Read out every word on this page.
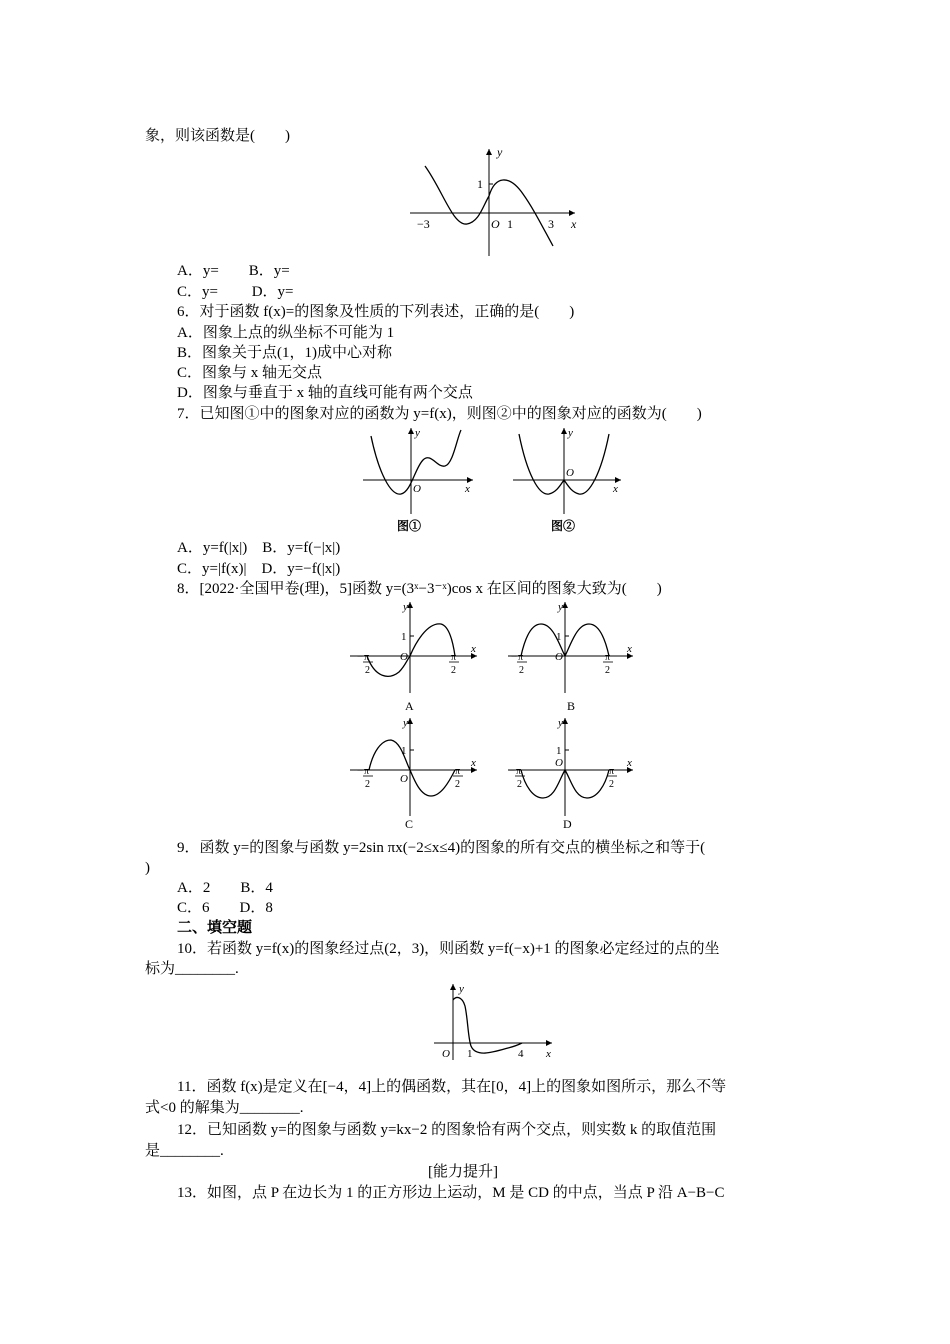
象，则该函数是(　　)
y
x
O
1
−3	1	3
A．y=　　B．y=
C．y=　　 D．y=
6．对于函数 f(x)=的图象及性质的下列表述，正确的是(　　)
A．图象上点的纵坐标不可能为 1
B．图象关于点(1，1)成中心对称
C．图象与 x 轴无交点
D．图象与垂直于 x 轴的直线可能有两个交点
7．已知图①中的图象对应的函数为 y=f(x)，则图②中的图象对应的函数为(　　)
y
x
O
图①
y
x
O
图②
A．y=f(|x|)　B．y=f(−|x|)
C．y=|f(x)|　D．y=−f(|x|)
8．[2022·全国甲卷(理)，5]函数 y=(3ˣ−3⁻ˣ)cos x 在区间的图象大致为(　　)
y
x
O
1
− π
2
π
2
A
y
x
O
1
− π
2
π
2
B
y
x
O
1
− π
2
π
2
C
y
x
O
1
− π
2
π
2
D
9．函数 y=的图象与函数 y=2sin πx(−2≤x≤4)的图象的所有交点的横坐标之和等于(
)
A．2　　B．4
C．6　　D．8
二、填空题
10．若函数 y=f(x)的图象经过点(2，3)，则函数 y=f(−x)+1 的图象必定经过的点的坐
标为________.
y
x
O 1	4
11．函数 f(x)是定义在[−4，4]上的偶函数，其在[0，4]上的图象如图所示，那么不等
式<0 的解集为________.
12．已知函数 y=的图象与函数 y=kx−2 的图象恰有两个交点，则实数 k 的取值范围
是________.
[能力提升]
13．如图，点 P 在边长为 1 的正方形边上运动，M 是 CD 的中点，当点 P 沿 A−B−C
